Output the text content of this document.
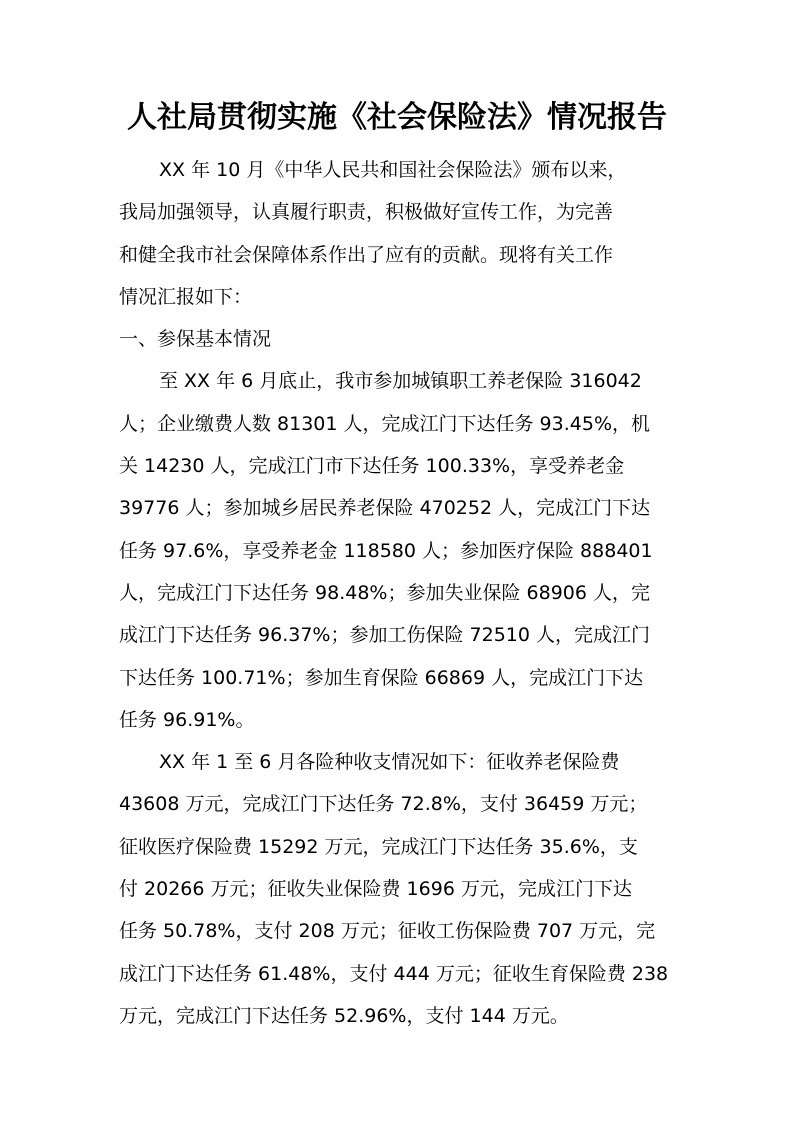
人社局贯彻实施《社会保险法》情况报告
XX 年 10 月《中华人民共和国社会保险法》颁布以来，
我局加强领导，认真履行职责，积极做好宣传工作，为完善
和健全我市社会保障体系作出了应有的贡献。现将有关工作
情况汇报如下：
一、参保基本情况
至 XX 年 6 月底止，我市参加城镇职工养老保险 316042
人；企业缴费人数 81301 人，完成江门下达任务 93.45%，机
关 14230 人，完成江门市下达任务 100.33%，享受养老金
39776 人；参加城乡居民养老保险 470252 人，完成江门下达
任务 97.6%，享受养老金 118580 人；参加医疗保险 888401
人，完成江门下达任务 98.48%；参加失业保险 68906 人，完
成江门下达任务 96.37%；参加工伤保险 72510 人，完成江门
下达任务 100.71%；参加生育保险 66869 人，完成江门下达
任务 96.91%。
XX 年 1 至 6 月各险种收支情况如下：征收养老保险费
43608 万元，完成江门下达任务 72.8%，支付 36459 万元；
征收医疗保险费 15292 万元，完成江门下达任务 35.6%，支
付 20266 万元；征收失业保险费 1696 万元，完成江门下达
任务 50.78%，支付 208 万元；征收工伤保险费 707 万元，完
成江门下达任务 61.48%，支付 444 万元；征收生育保险费 238
万元，完成江门下达任务 52.96%，支付 144 万元。
